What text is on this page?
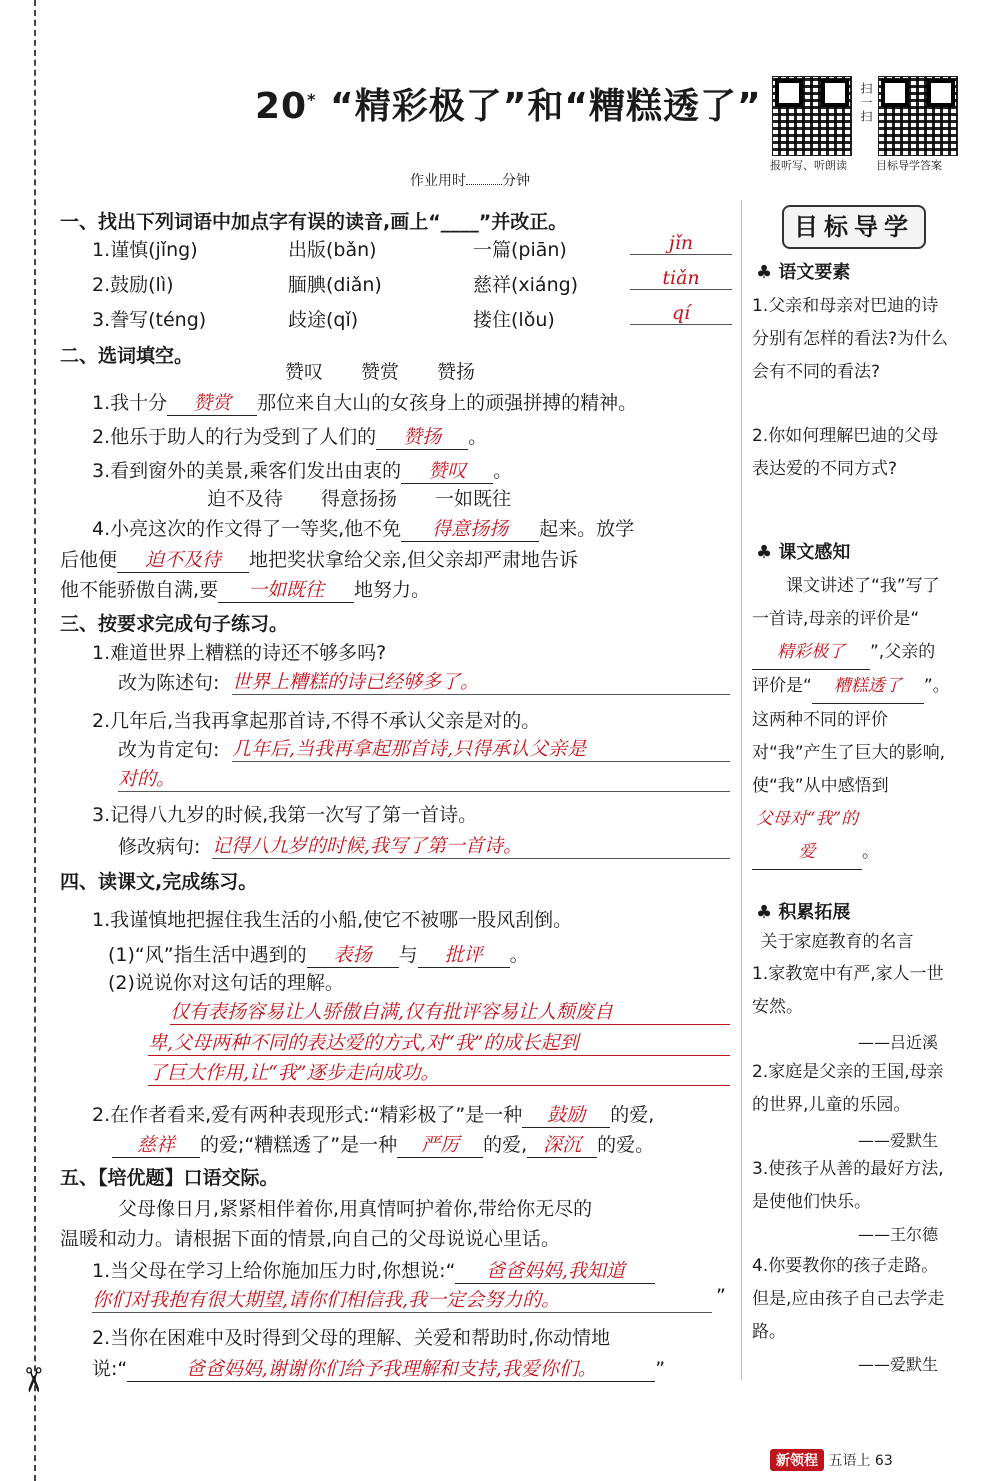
✂
20* “精彩极了”和“糟糕透了”
报听写、听朗读
扫一扫
目标导学答案
作业用时	分钟
一、找出下列词语中加点字有误的读音,画上“____”并改正。
1.谨慎(jǐng)	出版(bǎn)	一篇(piān)	jǐn
2.鼓励(lì)	腼腆(diǎn)	慈祥(xiáng)	tiǎn
3.誊写(téng)	歧途(qǐ)	搂住(lǒu)	qí
二、选词填空。
赞叹　　赞赏　　赞扬
1.我十分 赞赏 那位来自大山的女孩身上的顽强拼搏的精神。
2.他乐于助人的行为受到了人们的 赞扬 。
3.看到窗外的美景,乘客们发出由衷的 赞叹 。
迫不及待　　得意扬扬　　一如既往
4.小亮这次的作文得了一等奖,他不免 得意扬扬 起来。放学
后他便 迫不及待 地把奖状拿给父亲,但父亲却严肃地告诉
他不能骄傲自满,要 一如既往 地努力。
三、按要求完成句子练习。
1.难道世界上糟糕的诗还不够多吗?
改为陈述句: 世界上糟糕的诗已经够多了。
2.几年后,当我再拿起那首诗,不得不承认父亲是对的。
改为肯定句: 几年后,当我再拿起那首诗,只得承认父亲是
对的。
3.记得八九岁的时候,我第一次写了第一首诗。
修改病句: 记得八九岁的时候,我写了第一首诗。
四、读课文,完成练习。
1.我谨慎地把握住我生活的小船,使它不被哪一股风刮倒。
(1)“风”指生活中遇到的 表扬 与 批评 。
(2)说说你对这句话的理解。
仅有表扬容易让人骄傲自满,仅有批评容易让人颓废自
卑,父母两种不同的表达爱的方式,对“我”的成长起到
了巨大作用,让“我”逐步走向成功。
2.在作者看来,爱有两种表现形式:“精彩极了”是一种 鼓励 的爱,
慈祥 的爱;“糟糕透了”是一种 严厉 的爱, 深沉 的爱。
五、【培优题】口语交际。
父母像日月,紧紧相伴着你,用真情呵护着你,带给你无尽的
温暖和动力。请根据下面的情景,向自己的父母说说心里话。
1.当父母在学习上给你施加压力时,你想说:“ 爸爸妈妈,我知道
你们对我抱有很大期望,请你们相信我,我一定会努力的。	”
2.当你在困难中及时得到父母的理解、关爱和帮助时,你动情地
说:“	爸爸妈妈,谢谢你们给予我理解和支持,我爱你们。	”
目标导学
♣ 语文要素
1.父亲和母亲对巴迪的诗分别有怎样的看法?为什么会有不同的看法?
2.你如何理解巴迪的父母表达爱的不同方式?
♣ 课文感知
课文讲述了“我”写了一首诗,母亲的评价是“精彩极了 ”,父亲的评价是“ 糟糕透了 ”。这两种不同的评价对“我”产生了巨大的影响,使“我”从中感悟到父母对“我”的爱	。
♣ 积累拓展
关于家庭教育的名言
1.家教宽中有严,家人一世安然。
——吕近溪
2.家庭是父亲的王国,母亲的世界,儿童的乐园。
——爱默生
3.使孩子从善的最好方法,是使他们快乐。
——王尔德
4.你要教你的孩子走路。但是,应由孩子自己去学走路。
——爱默生
新领程 五语上 63
